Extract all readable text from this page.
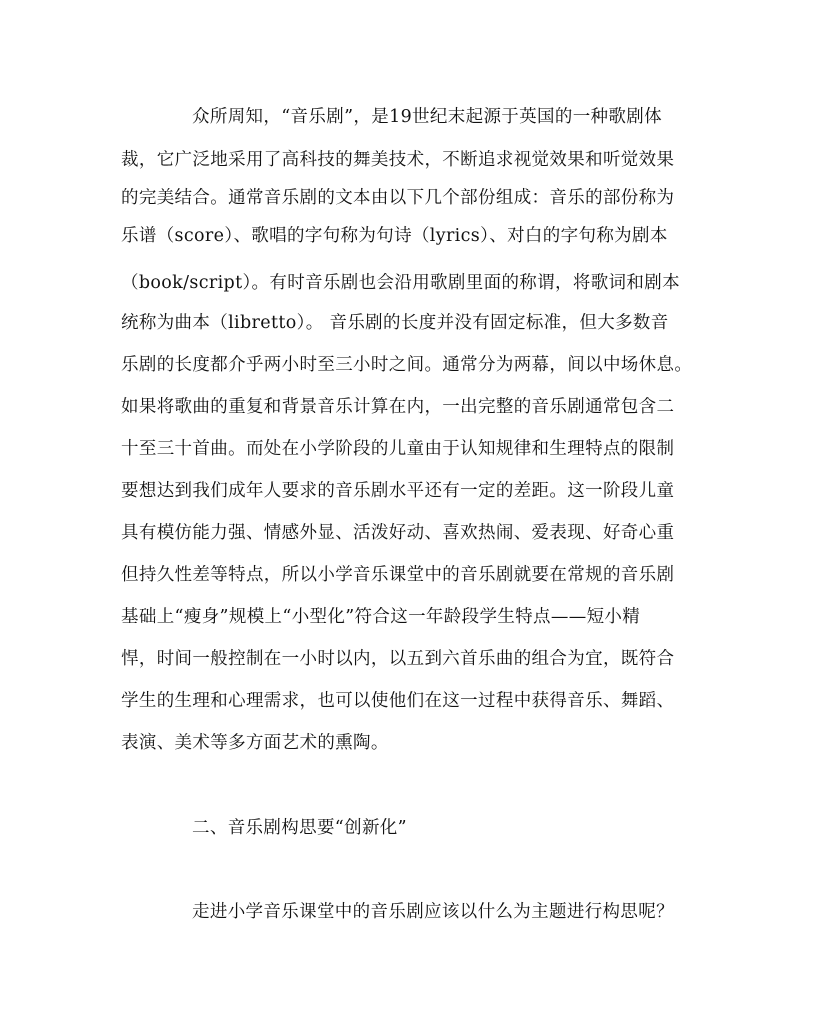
众所周知，“音乐剧”，是19世纪末起源于英国的一种歌剧体
裁，它广泛地采用了高科技的舞美技术，不断追求视觉效果和听觉效果
的完美结合。通常音乐剧的文本由以下几个部份组成：音乐的部份称为
乐谱（score）、歌唱的字句称为句诗（lyrics）、对白的字句称为剧本
（book/script）。有时音乐剧也会沿用歌剧里面的称谓，将歌词和剧本
统称为曲本（libretto）。 音乐剧的长度并没有固定标准，但大多数音
乐剧的长度都介乎两小时至三小时之间。通常分为两幕，间以中场休息。
如果将歌曲的重复和背景音乐计算在内，一出完整的音乐剧通常包含二
十至三十首曲。而处在小学阶段的儿童由于认知规律和生理特点的限制
要想达到我们成年人要求的音乐剧水平还有一定的差距。这一阶段儿童
具有模仿能力强、情感外显、活泼好动、喜欢热闹、爱表现、好奇心重
但持久性差等特点，所以小学音乐课堂中的音乐剧就要在常规的音乐剧
基础上“瘦身”规模上“小型化”符合这一年龄段学生特点——短小精
悍，时间一般控制在一小时以内，以五到六首乐曲的组合为宜，既符合
学生的生理和心理需求，也可以使他们在这一过程中获得音乐、舞蹈、
表演、美术等多方面艺术的熏陶。
二、音乐剧构思要“创新化”
走进小学音乐课堂中的音乐剧应该以什么为主题进行构思呢？
